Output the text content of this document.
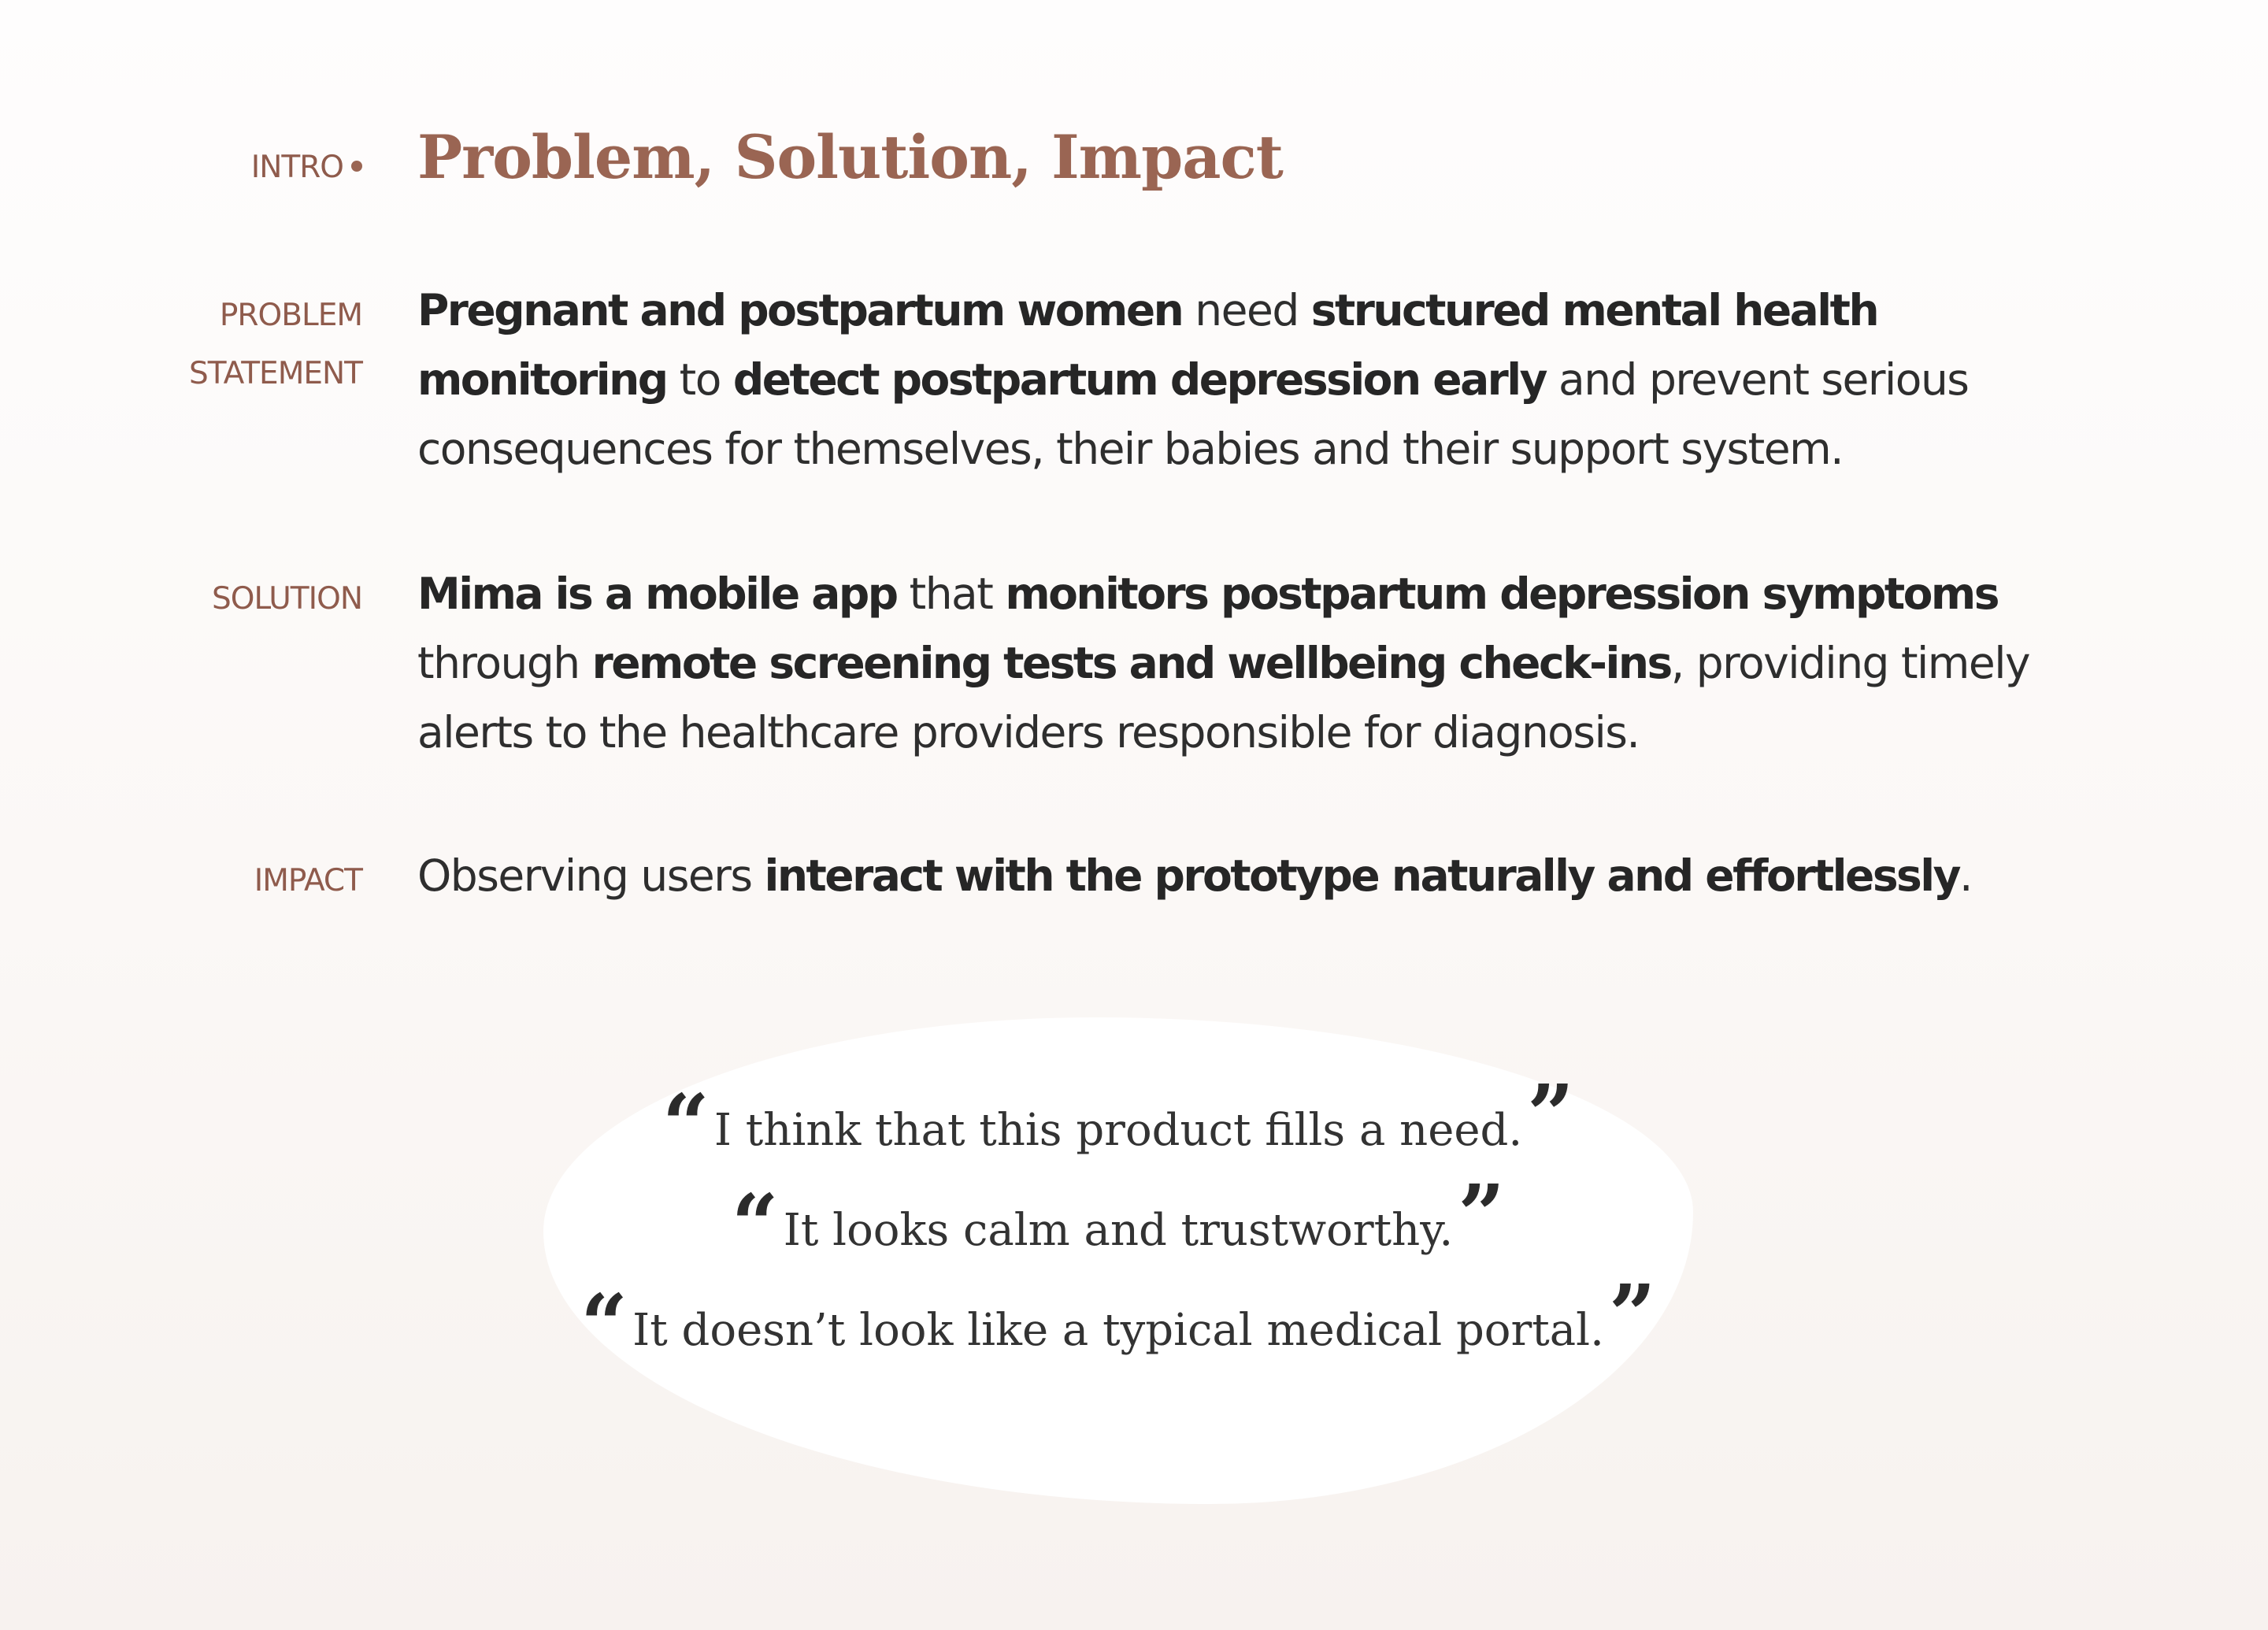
INTRO	Problem, Solution, Impact
PROBLEM
STATEMENT

Pregnant and postpartum women need structured mental health monitoring to detect postpartum depression early and prevent serious consequences for themselves, their babies and their support system.

SOLUTION Mima is a mobile app that monitors postpartum depression symptoms through remote screening tests and wellbeing check-ins, providing timely alerts to the healthcare providers responsible for diagnosis.

IMPACT Observing users interact with the prototype naturally and effortlessly.

“ I think that this product fills a need.”
“ It looks calm and trustworthy.”
“ It doesn’t look like a typical medical portal.”
